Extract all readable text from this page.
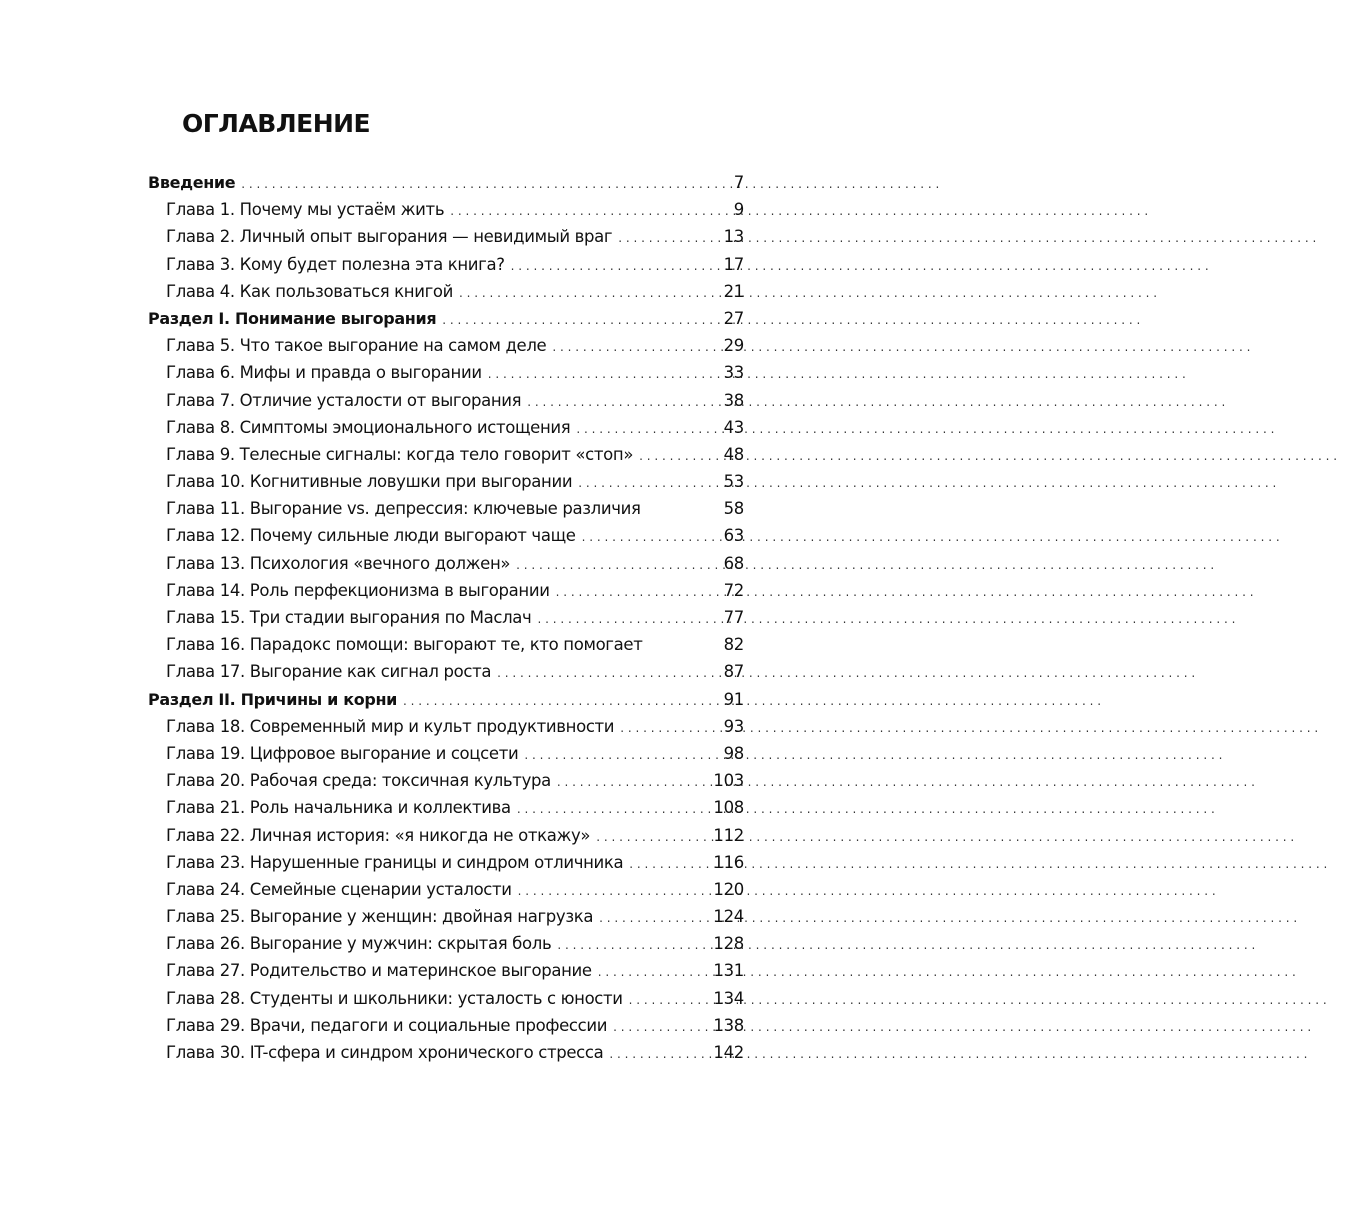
ОГЛАВЛЕНИЕ
Введение . . .	7
Глава 1. Почему мы устаём жить . . .	9
Глава 2. Личный опыт выгорания — невидимый враг . . .	13
Глава 3. Кому будет полезна эта книга? . . .	17
Глава 4. Как пользоваться книгой . . .	21
Раздел I. Понимание выгорания . . .	27
Глава 5. Что такое выгорание на самом деле . . .	29
Глава 6. Мифы и правда о выгорании . . .	33
Глава 7. Отличие усталости от выгорания . . .	38
Глава 8. Симптомы эмоционального истощения . . .	43
Глава 9. Телесные сигналы: когда тело говорит «стоп» . . .	48
Глава 10. Когнитивные ловушки при выгорании . . .	53
Глава 11. Выгорание vs. депрессия: ключевые различия	58
Глава 12. Почему сильные люди выгорают чаще . . .	63
Глава 13. Психология «вечного должен» . . .	68
Глава 14. Роль перфекционизма в выгорании . . .	72
Глава 15. Три стадии выгорания по Маслач . . .	77
Глава 16. Парадокс помощи: выгорают те, кто помогает	82
Глава 17. Выгорание как сигнал роста . . .	87
Раздел II. Причины и корни . . .	91
Глава 18. Современный мир и культ продуктивности . . .	93
Глава 19. Цифровое выгорание и соцсети . . .	98
Глава 20. Рабочая среда: токсичная культура . . .	103
Глава 21. Роль начальника и коллектива . . .	108
Глава 22. Личная история: «я никогда не откажу» . . .	112
Глава 23. Нарушенные границы и синдром отличника . . .	116
Глава 24. Семейные сценарии усталости . . .	120
Глава 25. Выгорание у женщин: двойная нагрузка . . .	124
Глава 26. Выгорание у мужчин: скрытая боль . . .	128
Глава 27. Родительство и материнское выгорание . . .	131
Глава 28. Студенты и школьники: усталость с юности . . .	134
Глава 29. Врачи, педагоги и социальные профессии . . .	138
Глава 30. IT-сфера и синдром хронического стресса . . .	142
